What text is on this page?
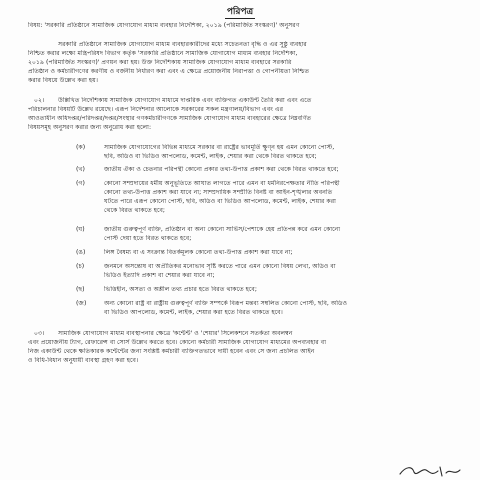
পরিপত্র
বিষয়: 'সরকারি প্রতিষ্ঠানে সামাজিক যোগাযোগ মাধ্যম ব্যবহার নির্দেশিকা, ২০১৯ (পরিমার্জিত সংস্করণ)' অনুসরণ
সরকারি প্রতিষ্ঠানে সামাজিক যোগাযোগ মাধ্যম ব্যবহারকারীদের মধ্যে সচেতনতা বৃদ্ধি ও এর সুষ্ঠু ব্যবহার
নিশ্চিত করার লক্ষ্যে মন্ত্রিপরিষদ বিভাগ কর্তৃক 'সরকারি প্রতিষ্ঠানে সামাজিক যোগাযোগ মাধ্যম ব্যবহার নির্দেশিকা,
২০১৯ (পরিমার্জিত সংস্করণ)' প্রণয়ন করা হয়। উক্ত নির্দেশিকায় সামাজিক যোগাযোগ মাধ্যম ব্যবহারে সরকারি
প্রতিষ্ঠান ও কর্মচারীগণের করণীয় ও বর্জনীয় নির্ধারণ করা এবং এ ক্ষেত্রে প্রয়োজনীয় নিরাপত্তা ও গোপনীয়তা নিশ্চিত
করার বিষয়ে উল্লেখ করা হয়।
০২। উল্লিখিত নির্দেশিকায় সামাজিক যোগাযোগ মাধ্যমে দাপ্তরিক এবং ব্যক্তিগত একাউন্ট তৈরি করা এবং এতে
পরিচালনার বিষয়টি উল্লেখ রয়েছে। এরূপ নির্দেশনার আলোকে সরকারের সকল মন্ত্রণালয়/বিভাগ এবং এর
আওতাধীন অধিদপ্তর/পরিদপ্তর/দপ্তর/সংস্থার গণকর্মচারীগণকে সামাজিক যোগাযোগ মাধ্যম ব্যবহারের ক্ষেত্রে নিম্নবর্ণিত
বিষয়সমূহ অনুসরণ করার জন্য অনুরোধ করা হলো:
(ক)	সামাজিক যোগাযোগের বিভিন্ন মাধ্যমে সরকার বা রাষ্ট্রের ভাবমূর্তি ক্ষুণ্ন হয় এমন কোনো পোস্ট,
ছবি, অডিও বা ভিডিও আপলোড, কমেন্ট, লাইক, শেয়ার করা থেকে বিরত থাকতে হবে;
(খ)	জাতীয় ঐক্য ও চেতনার পরিপন্থী কোনো প্রকার তথ্য-উপাত্ত প্রকাশ করা থেকে বিরত থাকতে হবে;
(গ)	কোনো সম্প্রদায়ের ধর্মীয় অনুভূতিতে আঘাত লাগতে পারে এমন বা ধর্মনিরপেক্ষতার নীতি পরিপন্থী
কোনো তথ্য-উপাত্ত প্রকাশ করা যাবে না; সাম্প্রদায়িক সম্প্রীতি বিনষ্ট বা আইন-শৃঙ্খলার অবনতি
ঘটতে পারে এরূপ কোনো পোস্ট, ছবি, অডিও বা ভিডিও আপলোড, কমেন্ট, লাইক, শেয়ার করা
থেকে বিরত থাকতে হবে;
(ঘ)	জাতীয় গুরুত্বপূর্ণ ব্যক্তি, প্রতিষ্ঠান বা অন্য কোনো সার্ভিস/পেশাকে হেয় প্রতিপন্ন করে এমন কোনো
পোস্ট দেয়া হতে বিরত থাকতে হবে;
(ঙ)	লিঙ্গ বৈষম্য বা এ সংক্রান্ত বিতর্কমূলক কোনো তথ্য-উপাত্ত প্রকাশ করা যাবে না;
(চ)	জনমনে অসন্তোষ বা অপ্রীতিকর মনোভাব সৃষ্টি করতে পারে এমন কোনো বিষয় লেখা, অডিও বা
ভিডিও ইত্যাদি প্রকাশ বা শেয়ার করা যাবে না;
(ছ)	ভিত্তিহীন, অসত্য ও অশ্লীল তথ্য প্রচার হতে বিরত থাকতে হবে;
(জ)	অন্য কোনো রাষ্ট্র বা রাষ্ট্রীয় গুরুত্বপূর্ণ ব্যক্তি সম্পর্কে বিরূপ মন্তব্য সম্বলিত কোনো পোস্ট, ছবি, অডিও
বা ভিডিও আপলোড, কমেন্ট, লাইক, শেয়ার করা হতে বিরত থাকতে হবে।
০৩। সামাজিক যোগাযোগ মাধ্যম ব্যবস্থাপনার ক্ষেত্রে 'কন্টেন্ট' ও 'শেয়ার' সিলেকশনে সতর্কতা অবলম্বন
এবং প্রয়োজনীয় ট্যাগ, রেফারেন্স বা সোর্স উল্লেখ করতে হবে। কোনো কর্মচারী সামাজিক যোগাযোগ মাধ্যমের অপব্যবহার বা
নিজ একাউন্ট থেকে ক্ষতিকারক কন্টেন্টের জন্য সংশ্লিষ্ট কর্মচারী ব্যক্তিগতভাবে দায়ী হবেন এবং সে জন্য প্রচলিত আইন
ও বিধি-বিধান অনুযায়ী ব্যবস্থা গ্রহণ করা হবে।
